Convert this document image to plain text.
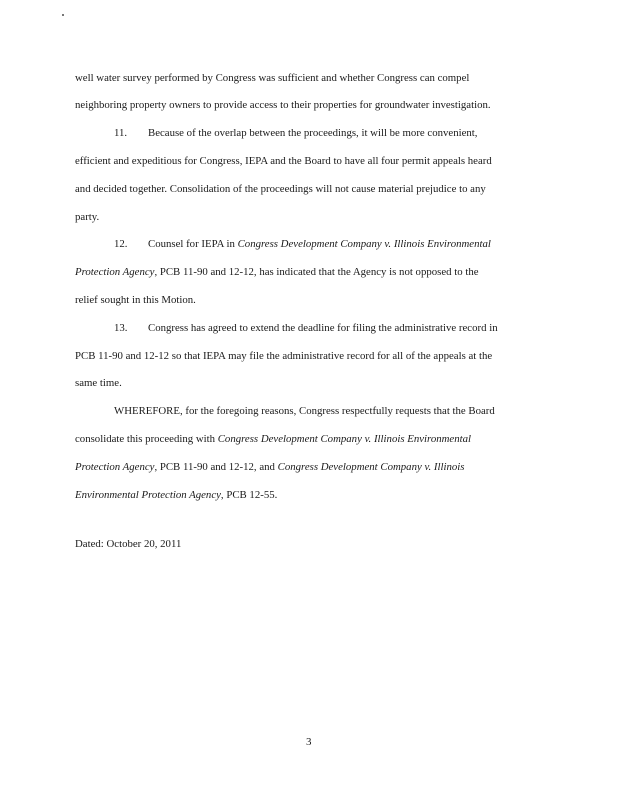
well water survey performed by Congress was sufficient and whether Congress can compel
neighboring property owners to provide access to their properties for groundwater investigation.
11. Because of the overlap between the proceedings, it will be more convenient,
efficient and expeditious for Congress, IEPA and the Board to have all four permit appeals heard
and decided together. Consolidation of the proceedings will not cause material prejudice to any
party.
12. Counsel for IEPA in Congress Development Company v. Illinois Environmental
Protection Agency, PCB 11-90 and 12-12, has indicated that the Agency is not opposed to the
relief sought in this Motion.
13. Congress has agreed to extend the deadline for filing the administrative record in
PCB 11-90 and 12-12 so that IEPA may file the administrative record for all of the appeals at the
same time.
WHEREFORE, for the foregoing reasons, Congress respectfully requests that the Board
consolidate this proceeding with Congress Development Company v. Illinois Environmental
Protection Agency, PCB 11-90 and 12-12, and Congress Development Company v. Illinois
Environmental Protection Agency, PCB 12-55.
Dated: October 20, 2011
3
